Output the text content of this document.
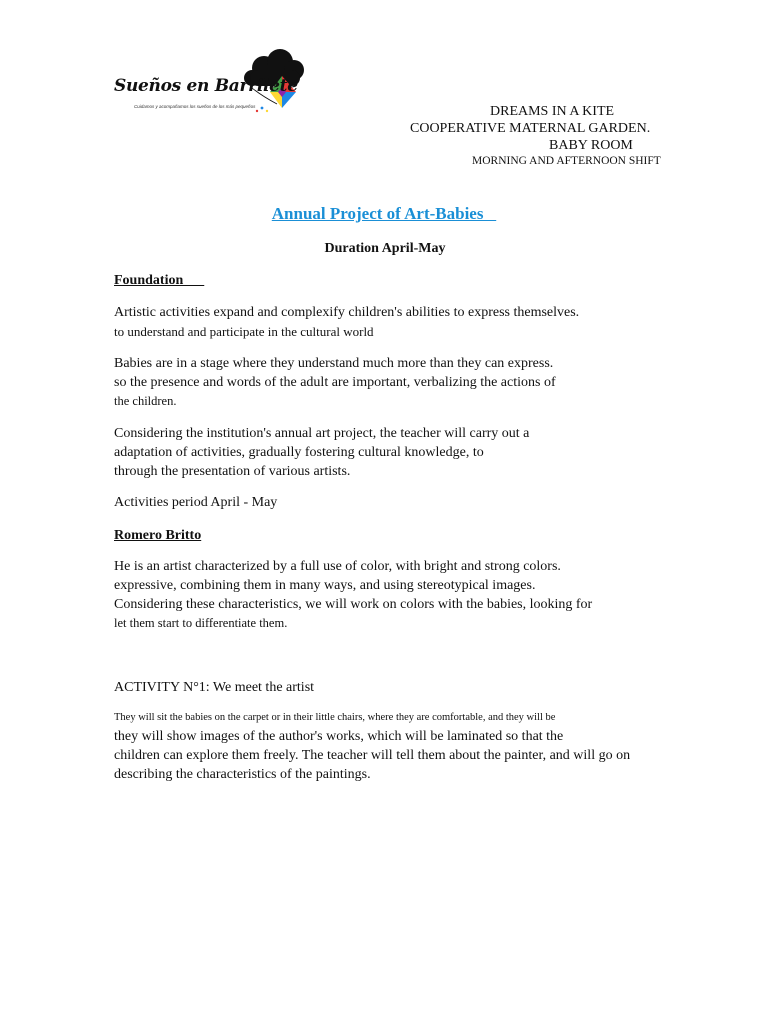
Sueños en Barrilete
Cuidamos y acompañamos los sueños de los más pequeños	DREAMS IN A KITE
COOPERATIVE MATERNAL GARDEN.
BABY ROOM
MORNING AND AFTERNOON SHIFT
Annual Project of Art-Babies
Duration April-May
Foundation
Artistic activities expand and complexify children's abilities to express themselves.
to understand and participate in the cultural world
Babies are in a stage where they understand much more than they can express.
so the presence and words of the adult are important, verbalizing the actions of
the children.
Considering the institution's annual art project, the teacher will carry out a
adaptation of activities, gradually fostering cultural knowledge, to
through the presentation of various artists.
Activities period April - May
Romero Britto
He is an artist characterized by a full use of color, with bright and strong colors.
expressive, combining them in many ways, and using stereotypical images.
Considering these characteristics, we will work on colors with the babies, looking for
let them start to differentiate them.
ACTIVITY N°1: We meet the artist
They will sit the babies on the carpet or in their little chairs, where they are comfortable, and they will be
they will show images of the author's works, which will be laminated so that the
children can explore them freely. The teacher will tell them about the painter, and will go on
describing the characteristics of the paintings.
